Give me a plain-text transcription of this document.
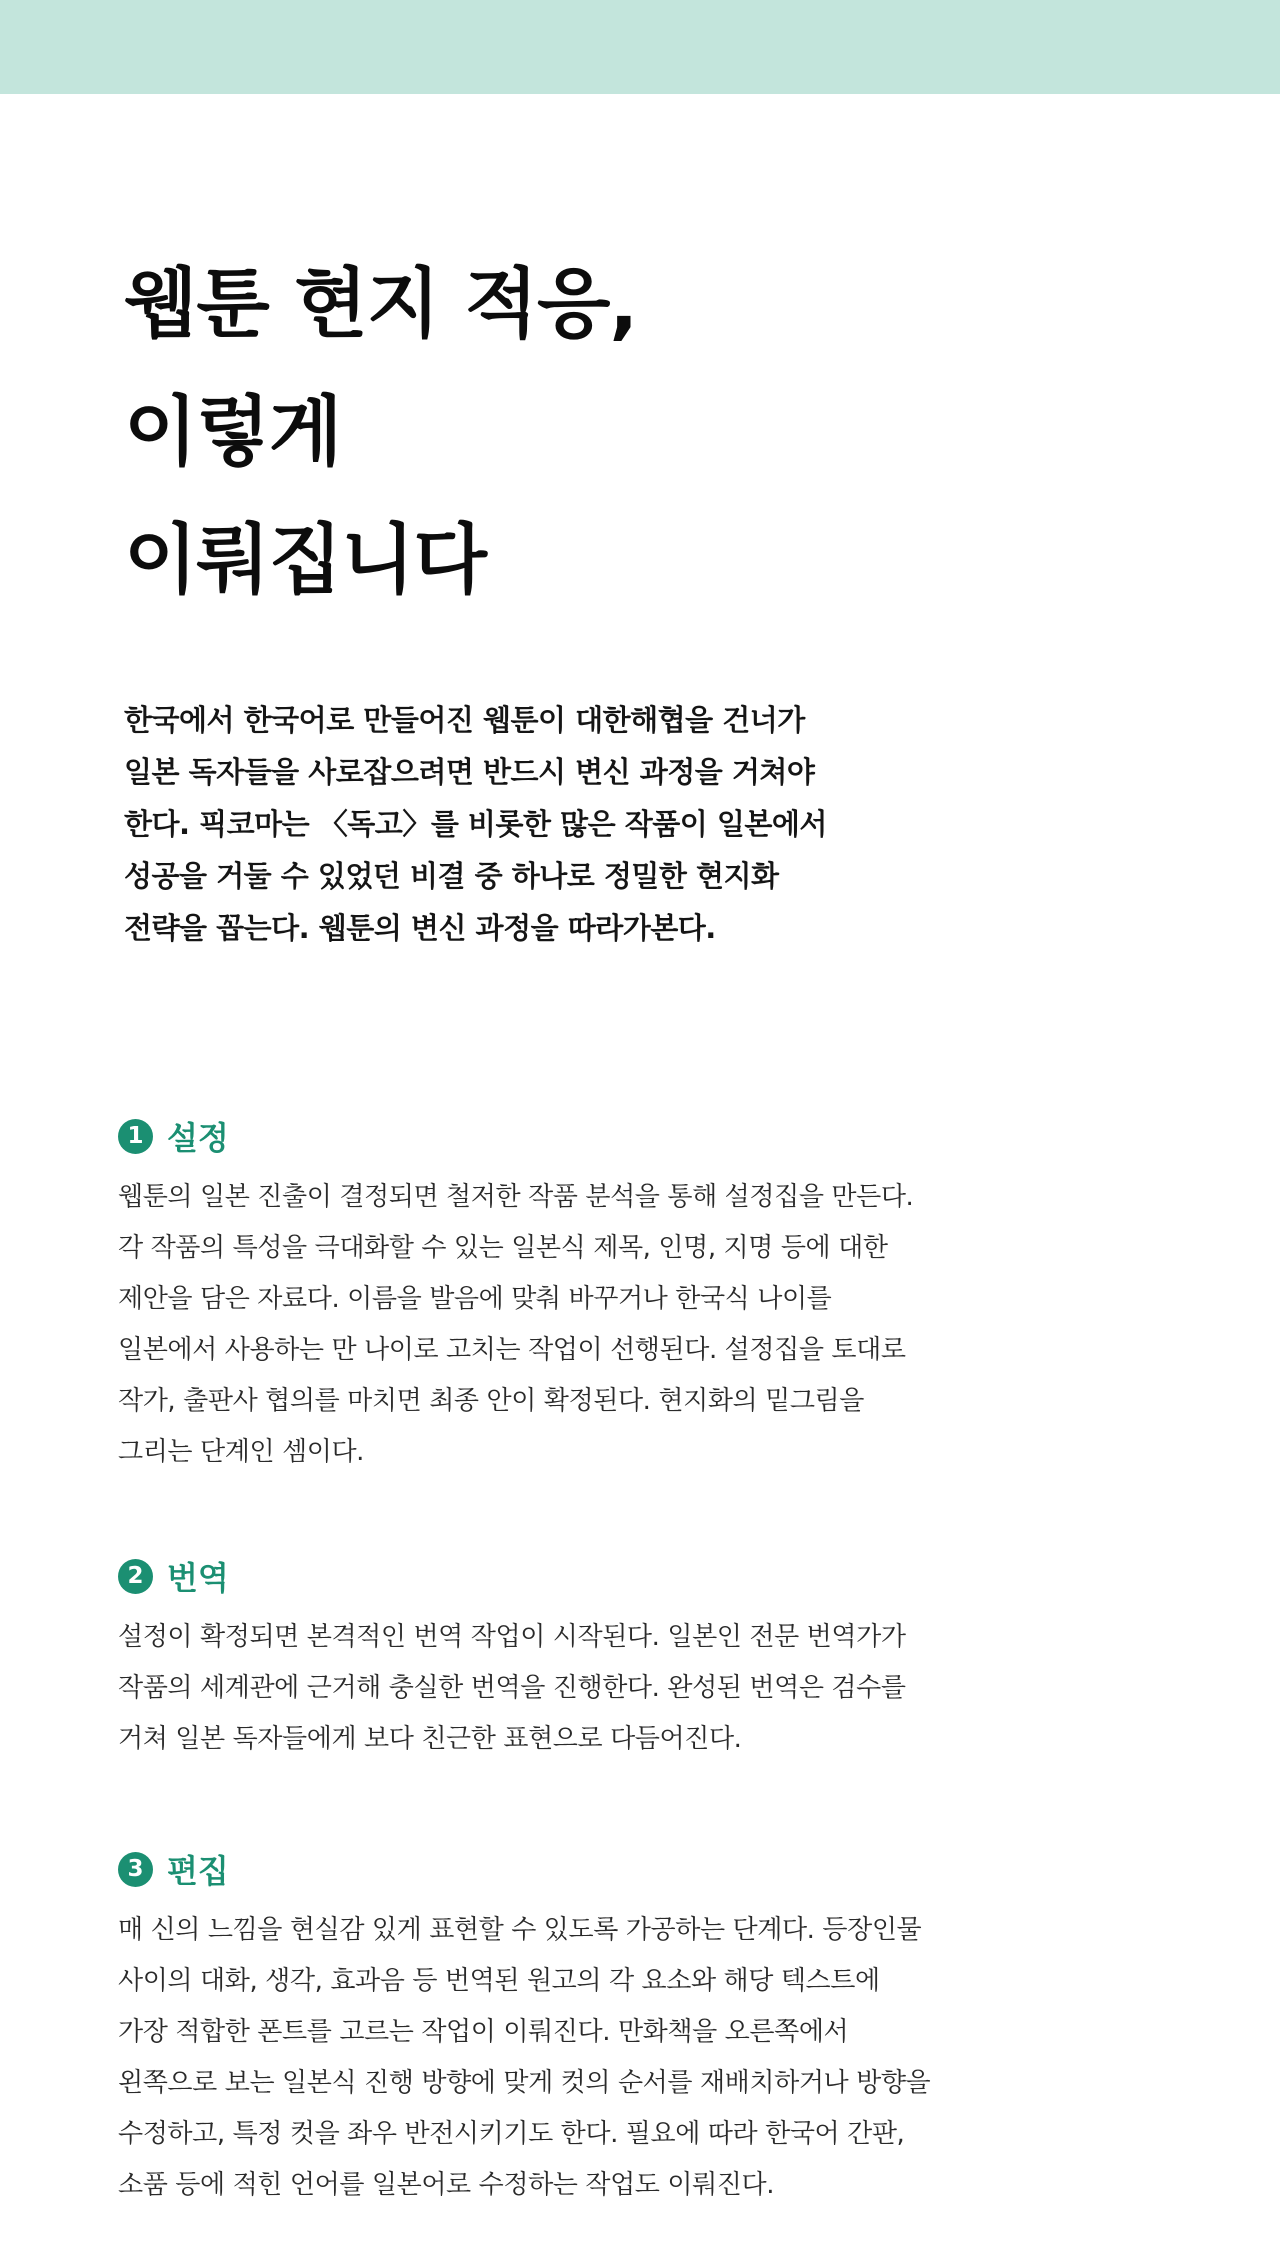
웹툰 현지 적응,
이렇게
이뤄집니다
한국에서 한국어로 만들어진 웹툰이 대한해협을 건너가
일본 독자들을 사로잡으려면 반드시 변신 과정을 거쳐야
한다. 픽코마는 〈독고〉를 비롯한 많은 작품이 일본에서
성공을 거둘 수 있었던 비결 중 하나로 정밀한 현지화
전략을 꼽는다. 웹툰의 변신 과정을 따라가본다.
1 설정
웹툰의 일본 진출이 결정되면 철저한 작품 분석을 통해 설정집을 만든다.
각 작품의 특성을 극대화할 수 있는 일본식 제목, 인명, 지명 등에 대한
제안을 담은 자료다. 이름을 발음에 맞춰 바꾸거나 한국식 나이를
일본에서 사용하는 만 나이로 고치는 작업이 선행된다. 설정집을 토대로
작가, 출판사 협의를 마치면 최종 안이 확정된다. 현지화의 밑그림을
그리는 단계인 셈이다.
2 번역
설정이 확정되면 본격적인 번역 작업이 시작된다. 일본인 전문 번역가가
작품의 세계관에 근거해 충실한 번역을 진행한다. 완성된 번역은 검수를
거쳐 일본 독자들에게 보다 친근한 표현으로 다듬어진다.
3 편집
매 신의 느낌을 현실감 있게 표현할 수 있도록 가공하는 단계다. 등장인물
사이의 대화, 생각, 효과음 등 번역된 원고의 각 요소와 해당 텍스트에
가장 적합한 폰트를 고르는 작업이 이뤄진다. 만화책을 오른쪽에서
왼쪽으로 보는 일본식 진행 방향에 맞게 컷의 순서를 재배치하거나 방향을
수정하고, 특정 컷을 좌우 반전시키기도 한다. 필요에 따라 한국어 간판,
소품 등에 적힌 언어를 일본어로 수정하는 작업도 이뤄진다.
